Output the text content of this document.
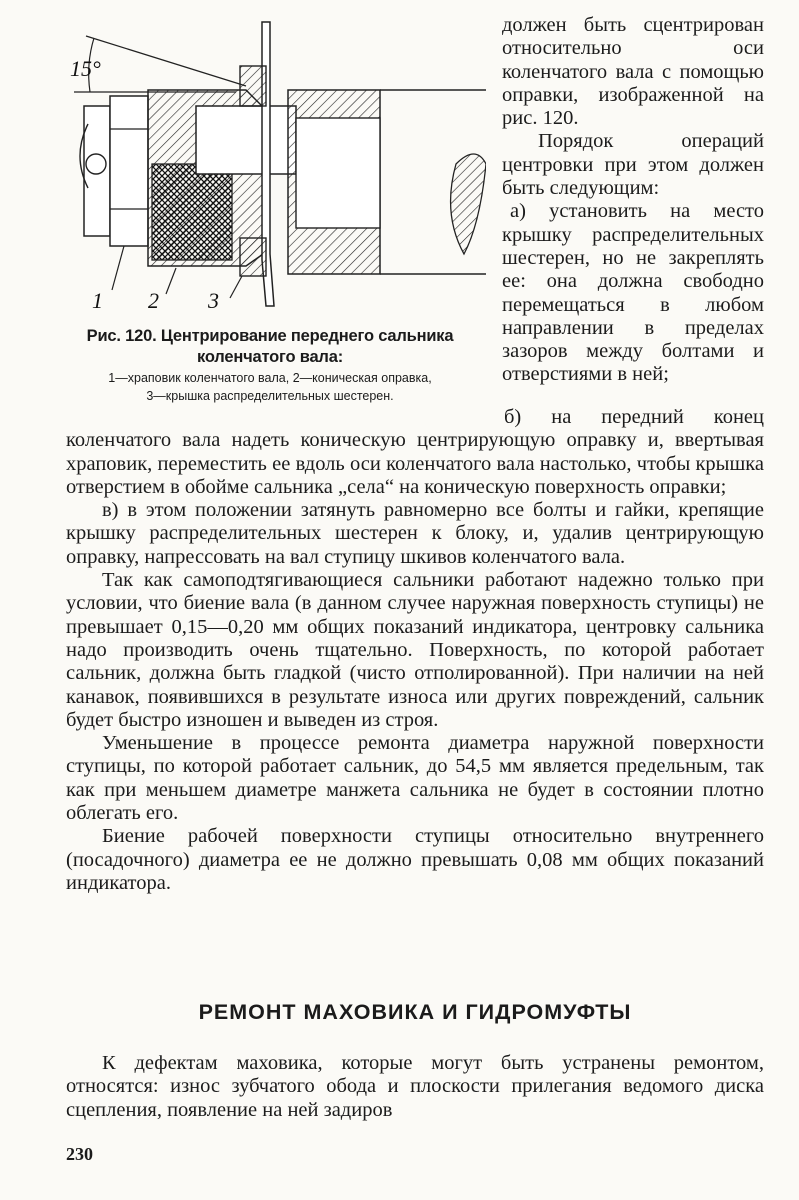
15°
1 2 3
Рис. 120. Центрирование переднего сальника
коленчатого вала:
1—храповик коленчатого вала, 2—коническая оправка,
3—крышка распределительных шестерен.

должен быть сцентрирован относительно оси коленчатого вала с помощью оправки, изображенной на рис. 120.

Порядок операций центровки при этом должен быть следующим:

а) установить на место крышку распределительных шестерен, но не закреплять ее: она должна свободно перемещаться в любом направлении в пределах зазоров между болтами и отверстиями в ней;

б) на передний конец коленчатого вала надеть коническую центрирующую оправку и, ввертывая храповик, переместить ее вдоль оси коленчатого вала настолько, чтобы крышка отверстием в обойме сальника „села“ на коническую поверхность оправки;

в) в этом положении затянуть равномерно все болты и гайки, крепящие крышку распределительных шестерен к блоку, и, удалив центрирующую оправку, напрессовать на вал ступицу шкивов коленчатого вала.

Так как самоподтягивающиеся сальники работают надежно только при условии, что биение вала (в данном случее наружная поверхность ступицы) не превышает 0,15—0,20 мм общих показаний индикатора, центровку сальника надо производить очень тщательно. Поверхность, по которой работает сальник, должна быть гладкой (чисто отполированной). При наличии на ней канавок, появившихся в результате износа или других повреждений, сальник будет быстро изношен и выведен из строя.

Уменьшение в процессе ремонта диаметра наружной поверхности ступицы, по которой работает сальник, до 54,5 мм является предельным, так как при меньшем диаметре манжета сальника не будет в состоянии плотно облегать его.

Биение рабочей поверхности ступицы относительно внутреннего (посадочного) диаметра ее не должно превышать 0,08 мм общих показаний индикатора.

РЕМОНТ МАХОВИКА И ГИДРОМУФТЫ

К дефектам маховика, которые могут быть устранены ремонтом, относятся: износ зубчатого обода и плоскости прилегания ведомого диска сцепления, появление на ней задиров

230
